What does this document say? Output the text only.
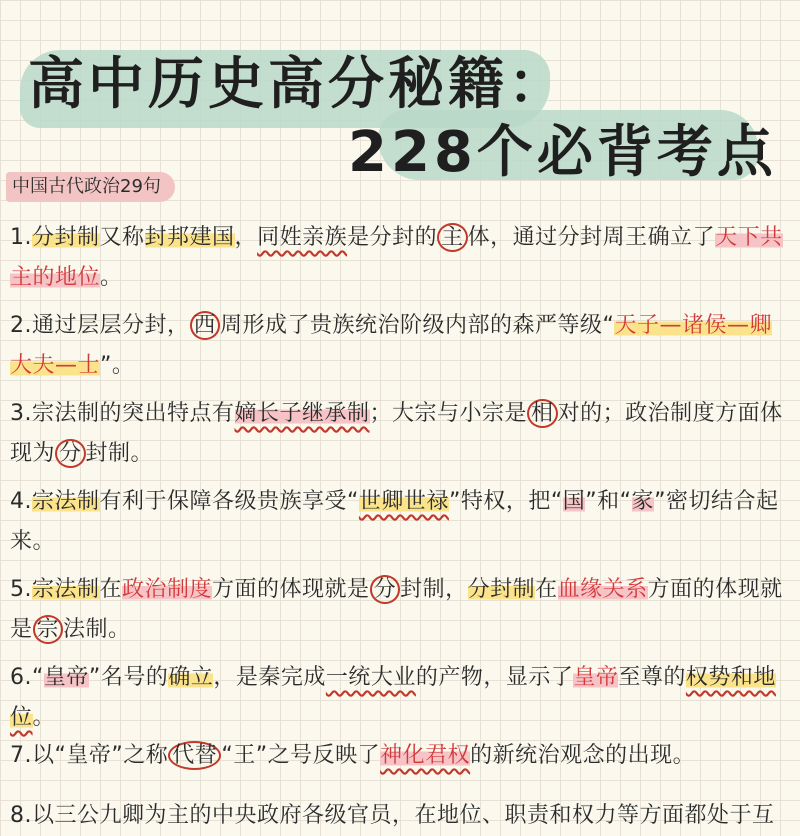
高中历史高分秘籍：
228个必背考点
中国古代政治29句
1.分封制又称封邦建国，同姓亲族是分封的 主 体，通过分封周王确立了天下共主的地位。
2.通过层层分封， 西 周形成了贵族统治阶级内部的森严等级“天子—诸侯—卿大夫—士”。
3.宗法制的突出特点有嫡长子继承制；大宗与小宗是 相 对的；政治制度方面体现为 分 封制。
4.宗法制有利于保障各级贵族享受“世卿世禄”特权，把“国”和“家”密切结合起来。
5.宗法制在政治制度方面的体现就是 分 封制，分封制在血缘关系方面的体现就是 宗 法制。
6.“皇帝”名号的确立，是秦完成一统大业的产物，显示了皇帝至尊的权势和地位。
7.以“皇帝”之称 代替 “王”之号反映了神化君权的新统治观念的出现。
8.以三公九卿为主的中央政府各级官员，在地位、职责和权力等方面都处于互
